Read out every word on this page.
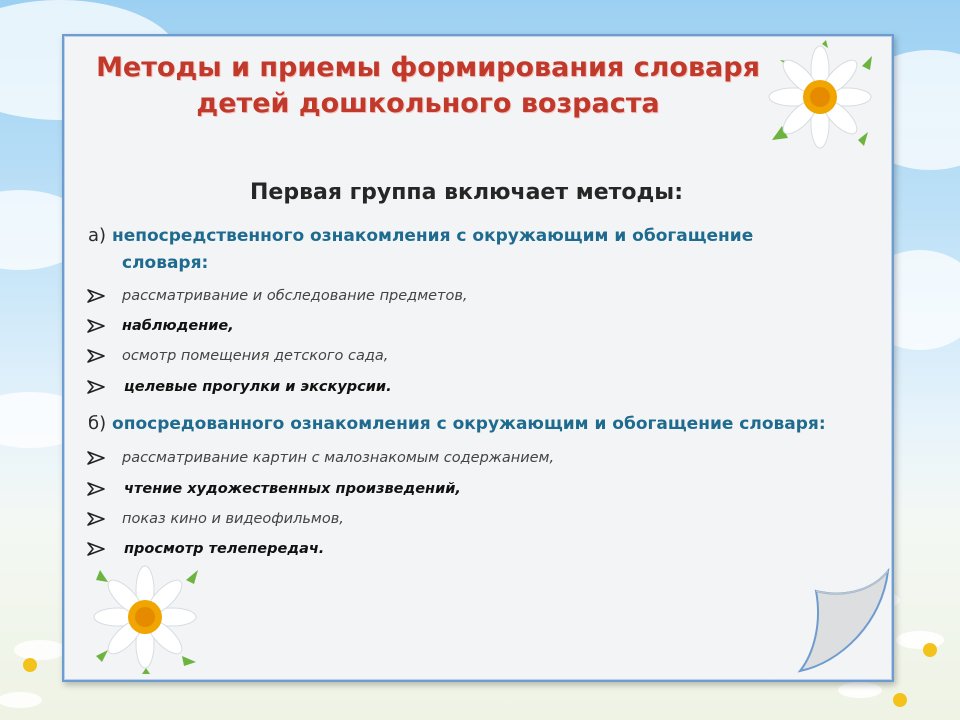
Методы и приемы формирования словаря
детей дошкольного возраста
Первая группа включает методы:
а) непосредственного ознакомления с окружающим и обогащение
словаря:
рассматривание и обследование предметов,
наблюдение,
осмотр помещения детского сада,
целевые прогулки и экскурсии.
б) опосредованного ознакомления с окружающим и обогащение словаря:
рассматривание картин с малознакомым содержанием,
чтение художественных произведений,
показ кино и видеофильмов,
просмотр телепередач.
